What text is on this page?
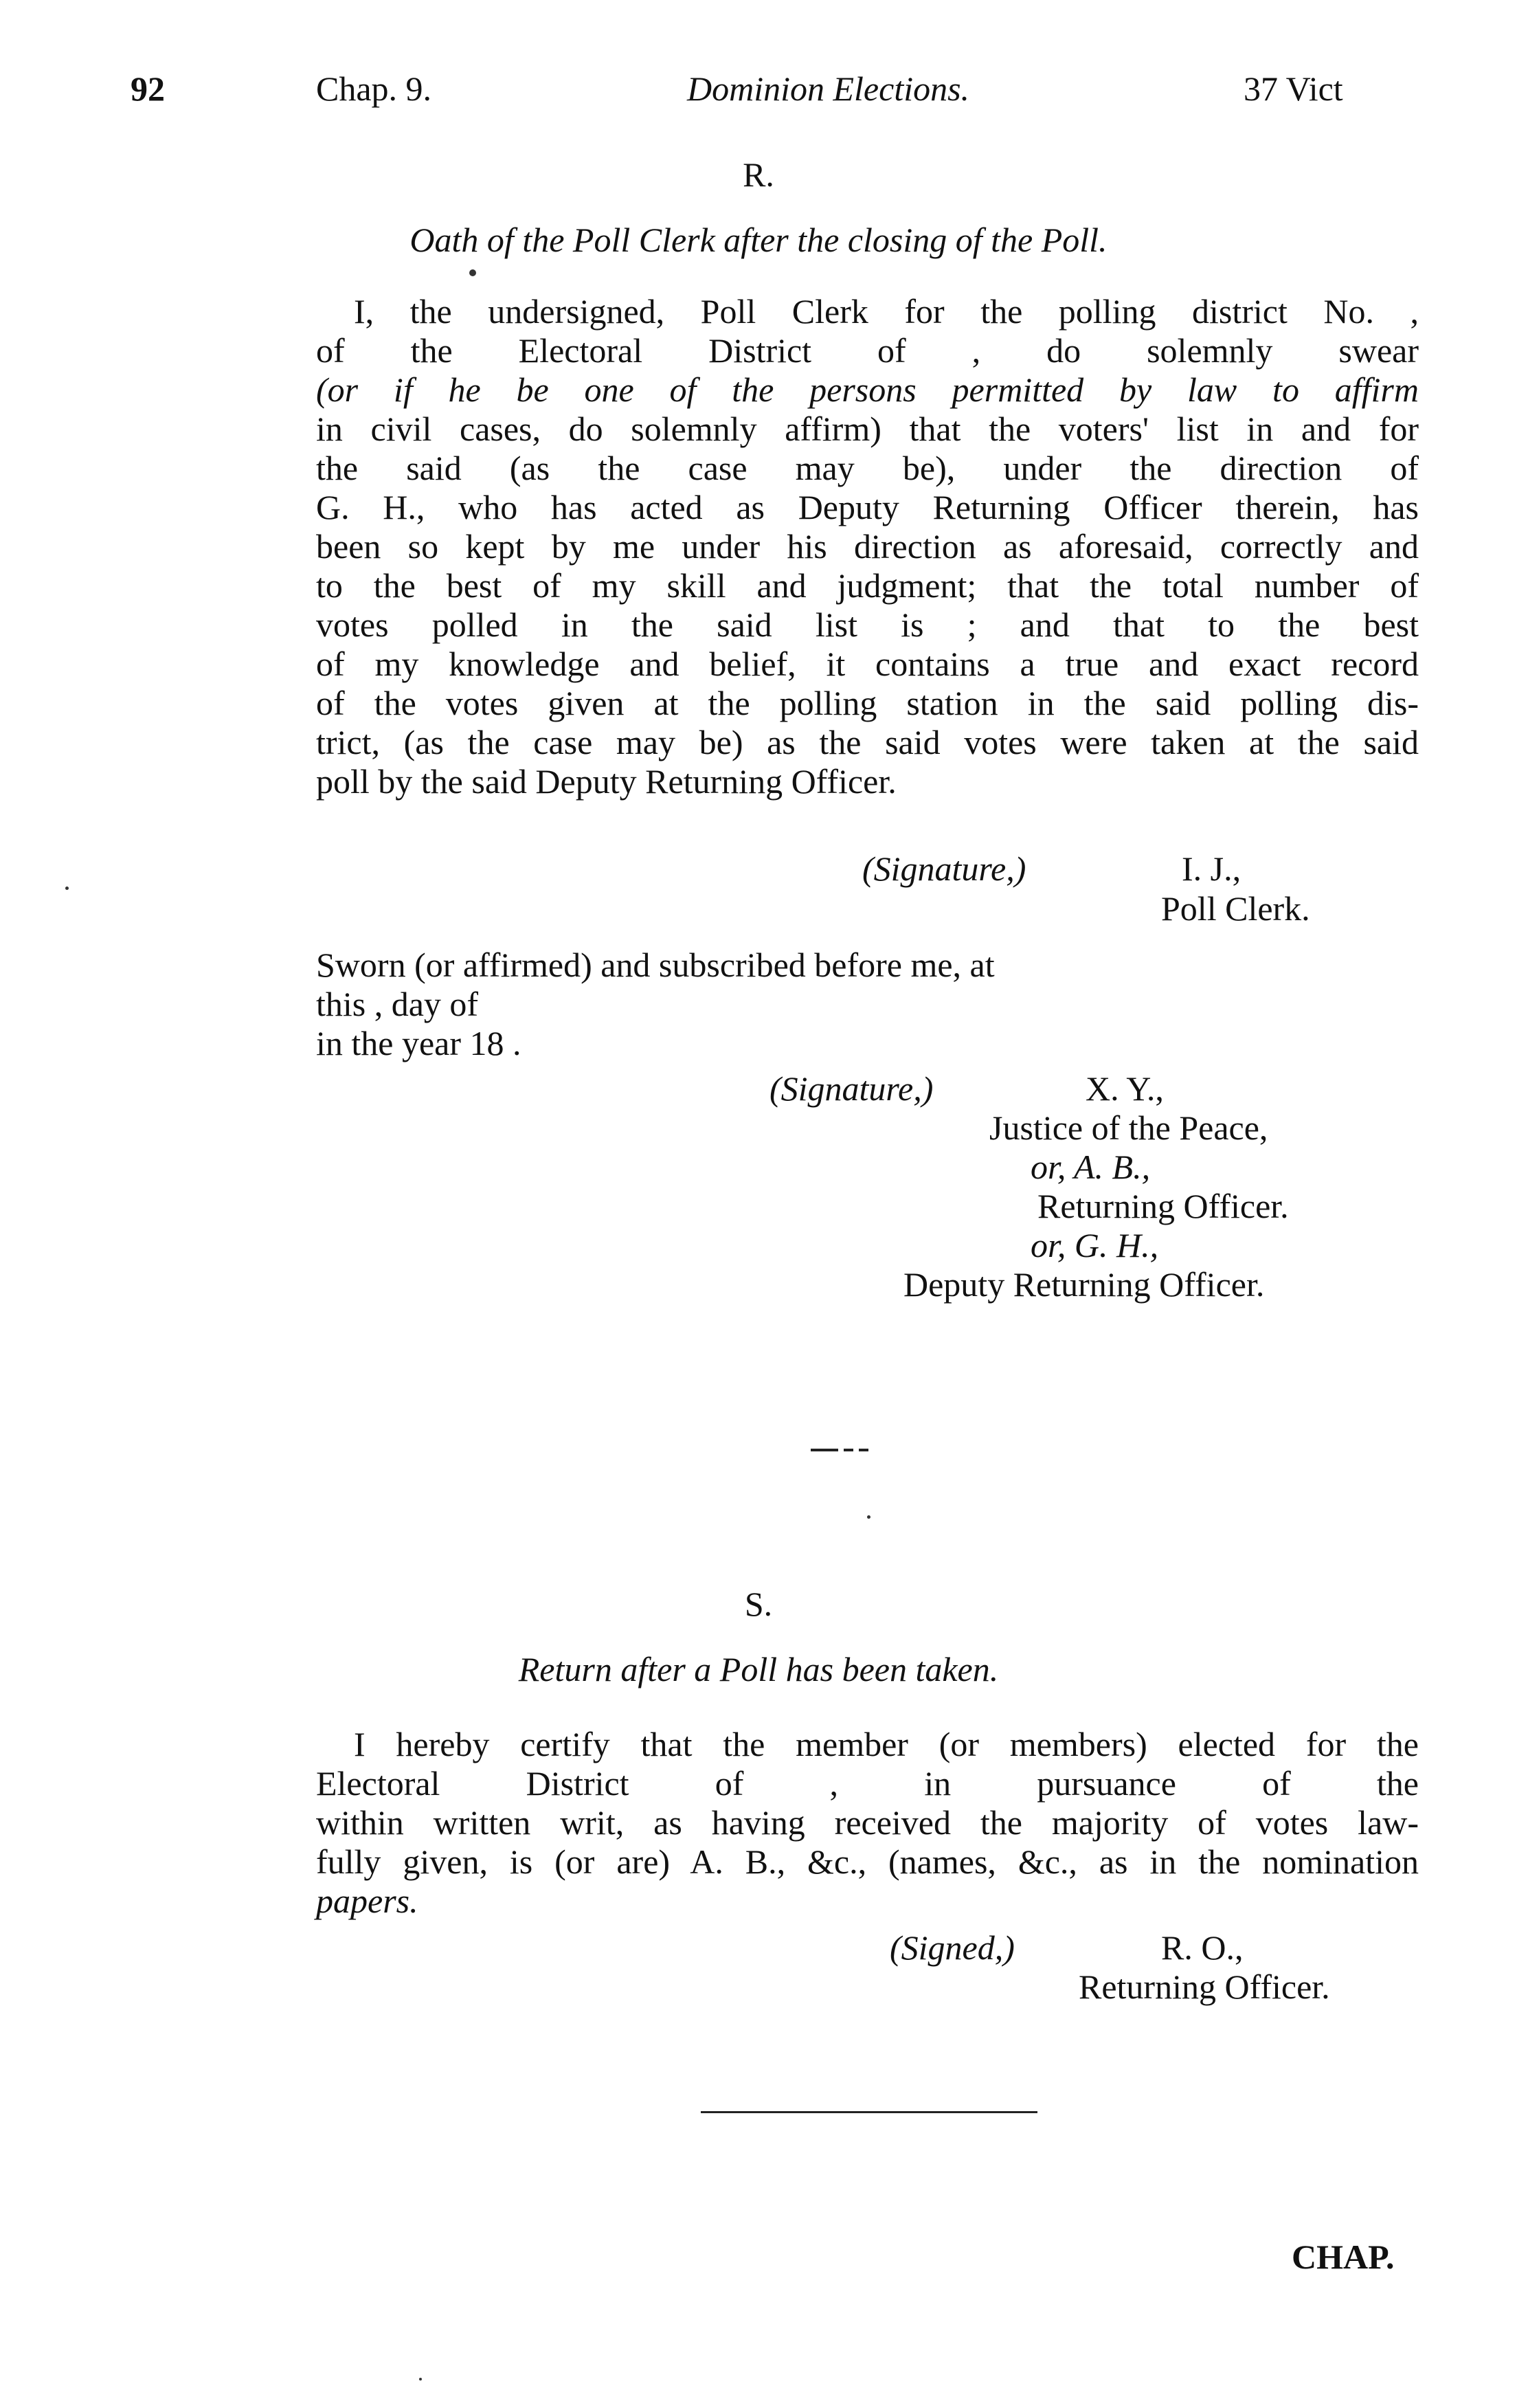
92	Chap. 9.	Dominion Elections.	37 Vict
R.
Oath of the Poll Clerk after the closing of the Poll.
I, the undersigned, Poll Clerk for the polling district No. ,
of the Electoral District of , do solemnly swear
(or if he be one of the persons permitted by law to affirm
in civil cases, do solemnly affirm) that the voters' list in and for
the said (as the case may be), under the direction of
G. H., who has acted as Deputy Returning Officer therein, has
been so kept by me under his direction as aforesaid, correctly and
to the best of my skill and judgment; that the total number of
votes polled in the said list is ; and that to the best
of my knowledge and belief, it contains a true and exact record
of the votes given at the polling station in the said polling dis-
trict, (as the case may be) as the said votes were taken at the said
poll by the said Deputy Returning Officer.
(Signature,)	I. J.,
Poll Clerk.
Sworn (or affirmed) and subscribed before me, at
this , day of
in the year 18 .
(Signature,)	X. Y.,
Justice of the Peace,
or, A. B.,
Returning Officer.
or, G. H.,
Deputy Returning Officer.
S.
Return after a Poll has been taken.
I hereby certify that the member (or members) elected for the
Electoral District of , in pursuance of the
within written writ, as having received the majority of votes law-
fully given, is (or are) A. B., &c., (names, &c., as in the nomination
papers.
(Signed,)	R. O.,
Returning Officer.
CHAP.
